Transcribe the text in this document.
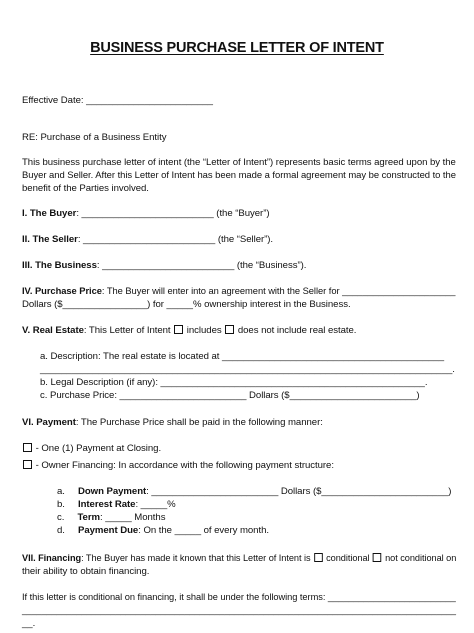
BUSINESS PURCHASE LETTER OF INTENT
Effective Date: ________________________
RE: Purchase of a Business Entity
This business purchase letter of intent (the “Letter of Intent”) represents basic terms agreed upon by the
Buyer and Seller. After this Letter of Intent has been made a formal agreement may be constructed to the
benefit of the Parties involved.
I. The Buyer: _________________________ (the “Buyer”)
II. The Seller: _________________________ (the “Seller”).
III. The Business: _________________________ (the “Business”).
IV. Purchase Price: The Buyer will enter into an agreement with the Seller for ______________________
Dollars ($________________) for _____% ownership interest in the Business.
V. Real Estate: This Letter of Intent includes does not include real estate.
a. Description: The real estate is located at __________________________________________
______________________________________________________________________________.
b. Legal Description (if any): __________________________________________________.
c. Purchase Price: ________________________ Dollars ($________________________)
VI. Payment: The Purchase Price shall be paid in the following manner:
- One (1) Payment at Closing.
- Owner Financing: In accordance with the following payment structure:
a.     Down Payment: ________________________ Dollars ($________________________)
b.     Interest Rate: _____%
c.     Term: _____ Months
d.     Payment Due: On the _____ of every month.
VII. Financing: The Buyer has made it known that this Letter of Intent is conditional not conditional on
their ability to obtain financing.
If this letter is conditional on financing, it shall be under the following terms: _________________________
________________________________________________________________________________________
__.
